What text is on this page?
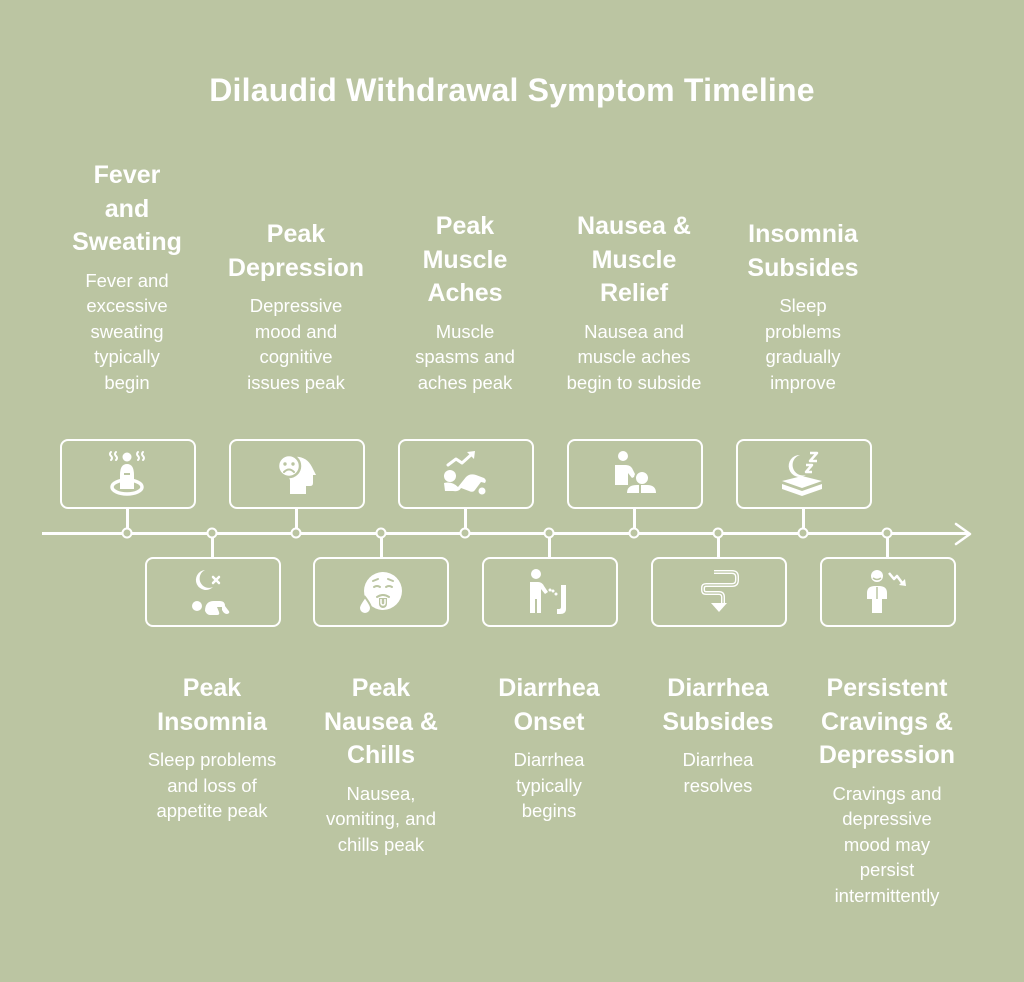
Dilaudid Withdrawal Symptom Timeline
Fever
and
Sweating
Fever and excessive sweating typically begin
Peak
Insomnia
Sleep problems and loss of appetite peak
Peak
Depression
Depressive mood and cognitive issues peak
Peak
Nausea &
Chills
Nausea, vomiting, and chills peak
Peak
Muscle
Aches
Muscle spasms and aches peak
Diarrhea
Onset
Diarrhea typically begins
Nausea &
Muscle
Relief
Nausea and muscle aches begin to subside
Diarrhea
Subsides
Diarrhea resolves
Insomnia
Subsides
Sleep problems gradually improve
Persistent
Cravings &
Depression
Cravings and depressive mood may persist intermittently
